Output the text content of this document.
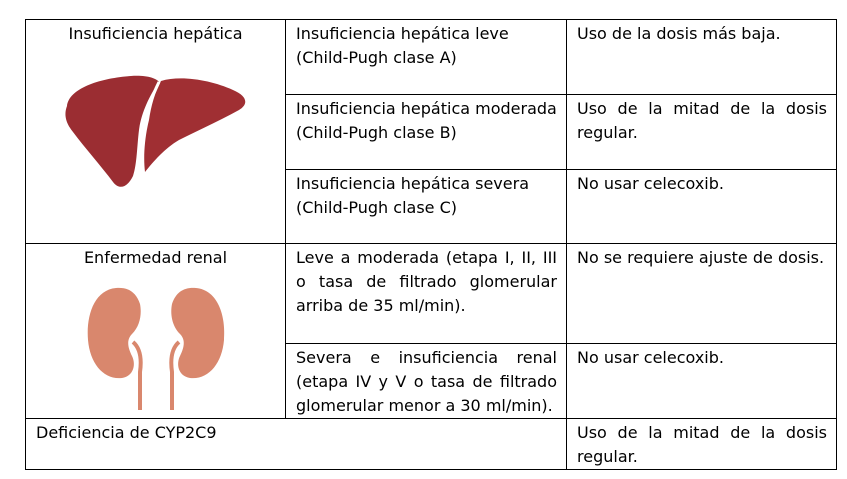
Insuficiencia hepática	Insuficiencia hepática leve (Child-Pugh clase A)	Uso de la dosis más baja.

	Insuficiencia hepática moderada (Child-Pugh clase B)	Uso de la mitad de la dosis regular.

	Insuficiencia hepática severa (Child-Pugh clase C)	No usar celecoxib.

Enfermedad renal	Leve a moderada (etapa I, II, III o tasa de filtrado glomerular arriba de 35 ml/min).	No se requiere ajuste de dosis.

	Severa e insuficiencia renal (etapa IV y V o tasa de filtrado glomerular menor a 30 ml/min).	No usar celecoxib.

Deficiencia de CYP2C9		Uso de la mitad de la dosis regular.
